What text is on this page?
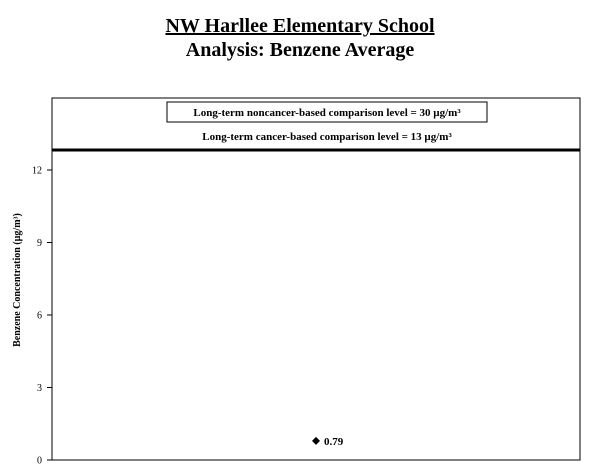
NW Harllee Elementary School
Analysis: Benzene Average
0
3
6
9
12
Benzene Concentration (µg/m³)
Long-term noncancer-based comparison level = 30 µg/m³
Long-term cancer-based comparison level = 13 µg/m³
0.79
